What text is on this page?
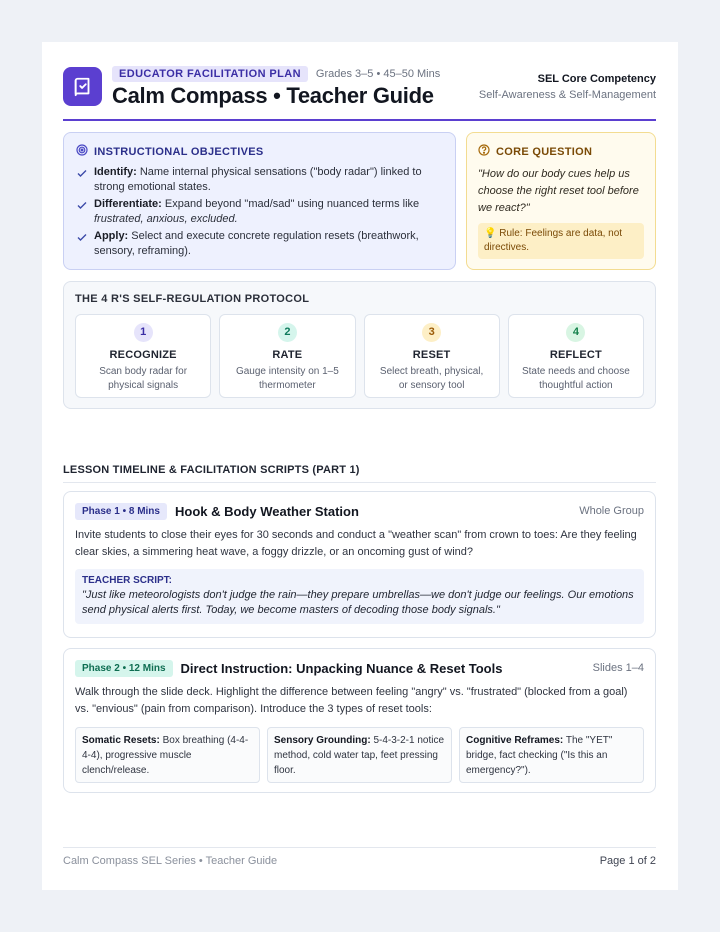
EDUCATOR FACILITATION PLAN	Grades 3–5 • 45–50 Mins
Calm Compass • Teacher Guide
SEL Core Competency
Self-Awareness & Self-Management
INSTRUCTIONAL OBJECTIVES
Identify: Name internal physical sensations ("body radar") linked to strong emotional states.
Differentiate: Expand beyond "mad/sad" using nuanced terms like frustrated, anxious, excluded.
Apply: Select and execute concrete regulation resets (breathwork, sensory, reframing).
CORE QUESTION
"How do our body cues help us choose the right reset tool before we react?"
💡 Rule: Feelings are data, not directives.
THE 4 R'S SELF-REGULATION PROTOCOL
1
RECOGNIZE
Scan body radar for physical signals
2
RATE
Gauge intensity on 1–5 thermometer
3
RESET
Select breath, physical, or sensory tool
4
REFLECT
State needs and choose thoughtful action
LESSON TIMELINE & FACILITATION SCRIPTS (PART 1)
Phase 1 • 8 Mins	Hook & Body Weather Station	Whole Group
Invite students to close their eyes for 30 seconds and conduct a "weather scan" from crown to toes: Are they feeling clear skies, a simmering heat wave, a foggy drizzle, or an oncoming gust of wind?
TEACHER SCRIPT:
"Just like meteorologists don't judge the rain—they prepare umbrellas—we don't judge our feelings. Our emotions send physical alerts first. Today, we become masters of decoding those body signals."
Phase 2 • 12 Mins	Direct Instruction: Unpacking Nuance & Reset Tools	Slides 1–4
Walk through the slide deck. Highlight the difference between feeling "angry" vs. "frustrated" (blocked from a goal) vs. "envious" (pain from comparison). Introduce the 3 types of reset tools:
Somatic Resets: Box breathing (4-4-4-4), progressive muscle clench/release.
Sensory Grounding: 5-4-3-2-1 notice method, cold water tap, feet pressing floor.
Cognitive Reframes: The "YET" bridge, fact checking ("Is this an emergency?").
Calm Compass SEL Series • Teacher Guide	Page 1 of 2
